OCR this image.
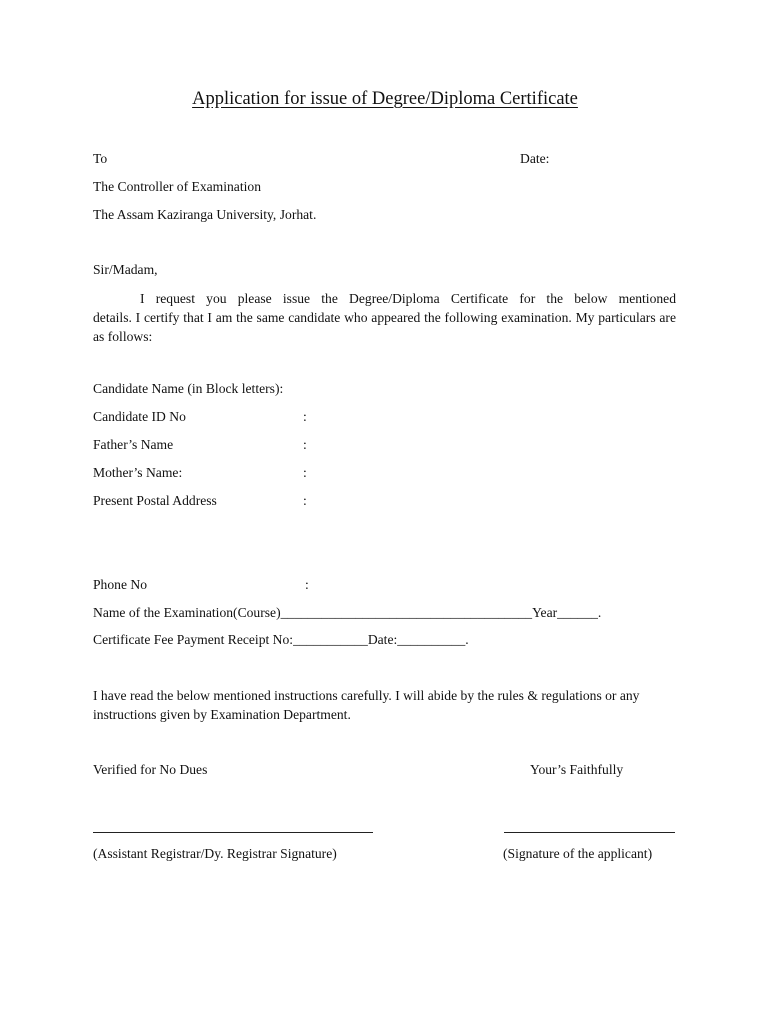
Application for issue of Degree/Diploma Certificate
To	Date:
The Controller of Examination
The Assam Kaziranga University, Jorhat.
Sir/Madam,
I request you please issue the Degree/Diploma Certificate for the below mentioned
details. I certify that I am the same candidate who appeared the following examination. My particulars are as follows:
Candidate Name (in Block letters):
Candidate ID No	:
Father’s Name	:
Mother’s Name:	:
Present Postal Address	:
Phone No	:
Name of the Examination(Course)_____________________________________Year______.
Certificate Fee Payment Receipt No:___________Date:__________.
I have read the below mentioned instructions carefully. I will abide by the rules & regulations or any instructions given by Examination Department.
Verified for No Dues	Your’s Faithfully
(Assistant Registrar/Dy. Registrar Signature)	(Signature of the applicant)
